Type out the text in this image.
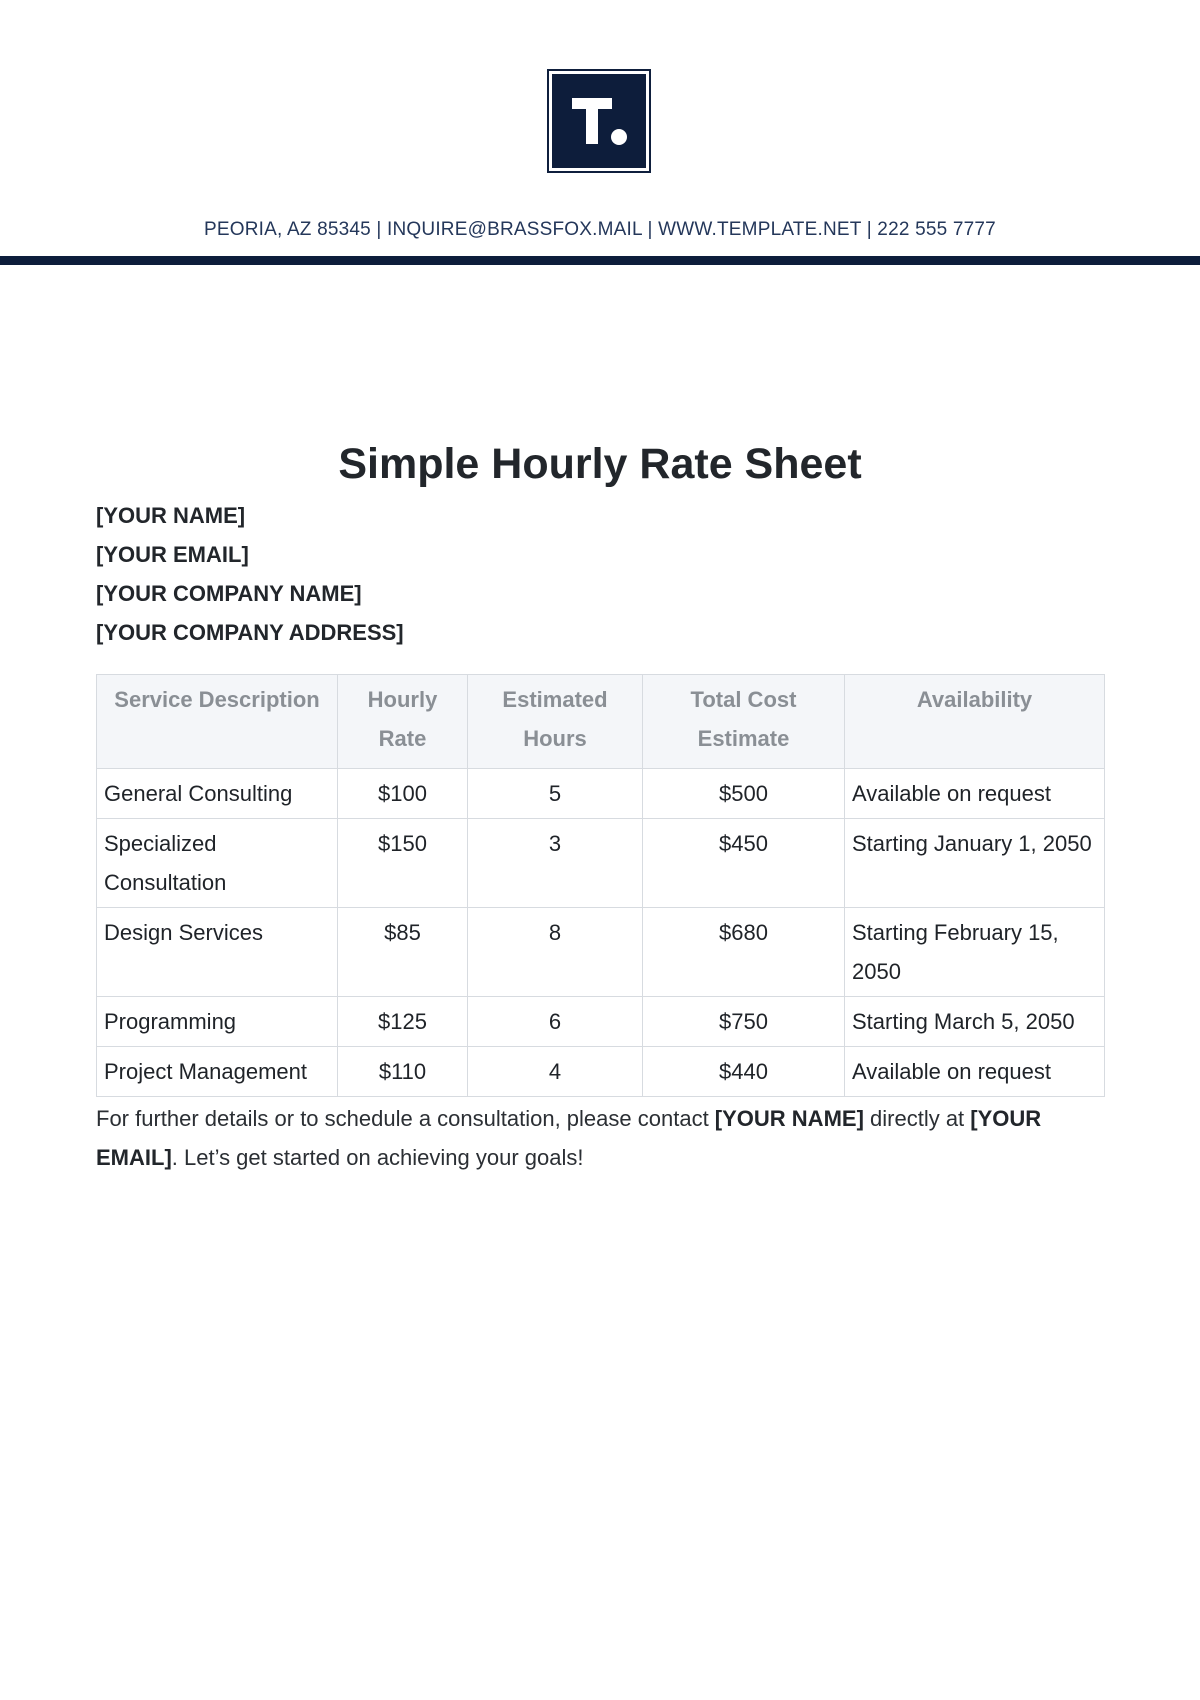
PEORIA, AZ 85345 | INQUIRE@BRASSFOX.MAIL | WWW.TEMPLATE.NET | 222 555 7777
Simple Hourly Rate Sheet
[YOUR NAME]
[YOUR EMAIL]
[YOUR COMPANY NAME]
[YOUR COMPANY ADDRESS]
Service Description	Hourly Rate	Estimated Hours	Total Cost Estimate	Availability
General Consulting	$100	5	$500	Available on request
Specialized Consultation	$150	3	$450	Starting January 1, 2050
Design Services	$85	8	$680	Starting February 15, 2050
Programming	$125	6	$750	Starting March 5, 2050
Project Management	$110	4	$440	Available on request
For further details or to schedule a consultation, please contact [YOUR NAME] directly at [YOUR EMAIL]. Let’s get started on achieving your goals!
